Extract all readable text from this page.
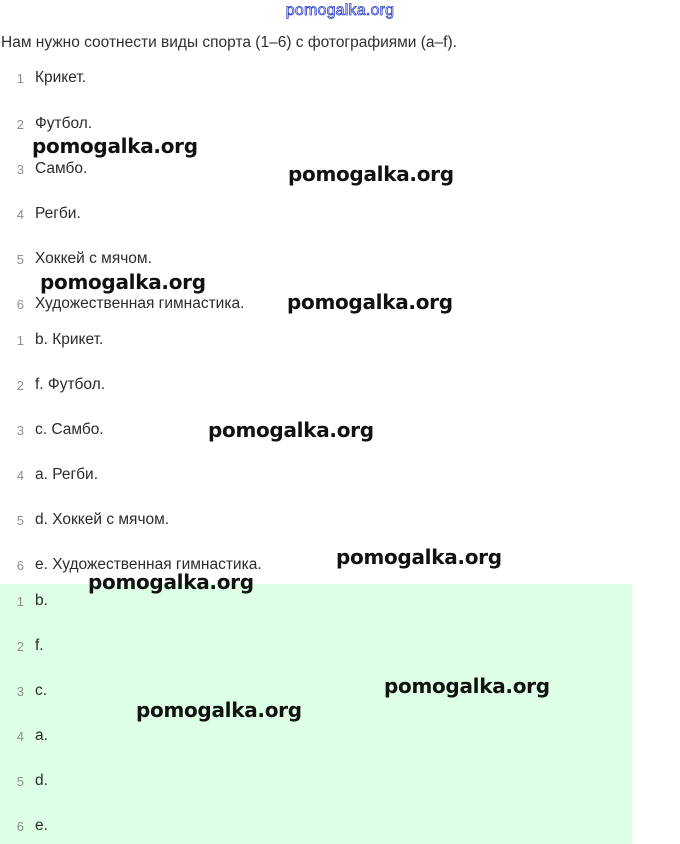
pomogalka.org
Нам нужно соотнести виды спорта (1–6) с фотографиями (a–f).
1 Крикет.
2 Футбол.
3 Самбо.
4 Регби.
5 Хоккей с мячом.
6 Художественная гимнастика.
1 b. Крикет.
2 f. Футбол.
3 c. Самбо.
4 a. Регби.
5 d. Хоккей с мячом.
6 e. Художественная гимнастика.
1 b.
2 f.
3 c.
4 a.
5 d.
6 e.
pomogalka.org
pomogalka.org
pomogalka.org
pomogalka.org
pomogalka.org
pomogalka.org
pomogalka.org
pomogalka.org
pomogalka.org
